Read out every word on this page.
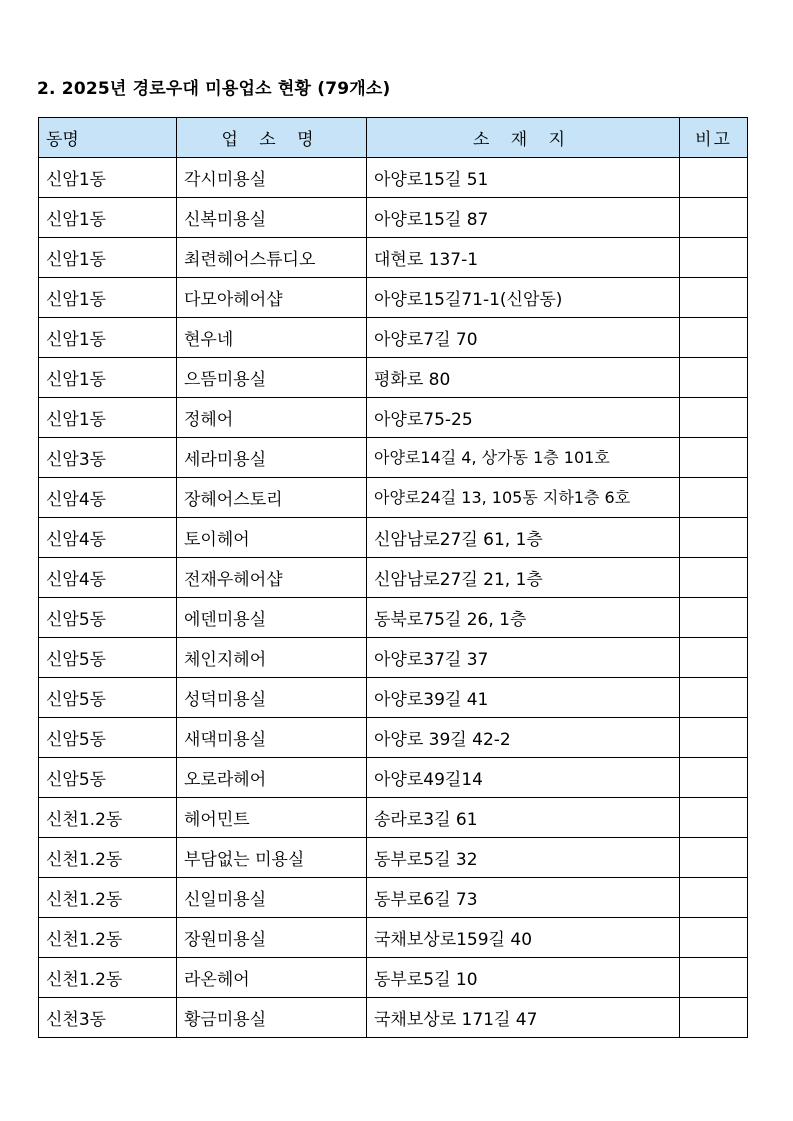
2. 2025년 경로우대 미용업소 현황 (79개소)
동명	업 소 명	소 재 지	비고
신암1동	각시미용실	아양로15길 51	
신암1동	신복미용실	아양로15길 87	
신암1동	최련헤어스튜디오	대현로 137-1	
신암1동	다모아헤어샵	아양로15길71-1(신암동)	
신암1동	현우네	아양로7길 70	
신암1동	으뜸미용실	평화로 80	
신암1동	정헤어	아양로75-25	
신암3동	세라미용실	아양로14길 4, 상가동 1층 101호	
신암4동	장헤어스토리	아양로24길 13, 105동 지하1층 6호	
신암4동	토이헤어	신암남로27길 61, 1층	
신암4동	전재우헤어샵	신암남로27길 21, 1층	
신암5동	에덴미용실	동북로75길 26, 1층	
신암5동	체인지헤어	아양로37길 37	
신암5동	성덕미용실	아양로39길 41	
신암5동	새댁미용실	아양로 39길 42-2	
신암5동	오로라헤어	아양로49길14	
신천1.2동	헤어민트	송라로3길 61	
신천1.2동	부담없는 미용실	동부로5길 32	
신천1.2동	신일미용실	동부로6길 73	
신천1.2동	장원미용실	국채보상로159길 40	
신천1.2동	라온헤어	동부로5길 10	
신천3동	황금미용실	국채보상로 171길 47	
